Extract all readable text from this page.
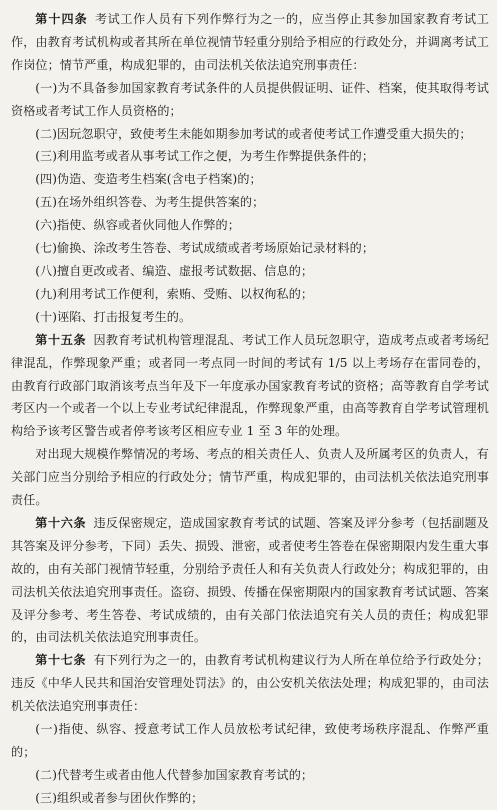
第十四条 考试工作人员有下列作弊行为之一的，应当停止其参加国家教育考试工作，由教育考试机构或者其所在单位视情节轻重分别给予相应的行政处分，并调离考试工作岗位；情节严重，构成犯罪的，由司法机关依法追究刑事责任：

(一)为不具备参加国家教育考试条件的人员提供假证明、证件、档案，使其取得考试资格或者考试工作人员资格的；

(二)因玩忽职守，致使考生未能如期参加考试的或者使考试工作遭受重大损失的；

(三)利用监考或者从事考试工作之便，为考生作弊提供条件的；

(四)伪造、变造考生档案(含电子档案)的；

(五)在场外组织答卷、为考生提供答案的；

(六)指使、纵容或者伙同他人作弊的；

(七)偷换、涂改考生答卷、考试成绩或者考场原始记录材料的；

(八)擅自更改或者、编造、虚报考试数据、信息的；

(九)利用考试工作便利，索贿、受贿、以权徇私的；

(十)诬陷、打击报复考生的。

第十五条 因教育考试机构管理混乱、考试工作人员玩忽职守，造成考点或者考场纪律混乱，作弊现象严重；或者同一考点同一时间的考试有 1/5 以上考场存在雷同卷的，由教育行政部门取消该考点当年及下一年度承办国家教育考试的资格；高等教育自学考试考区内一个或者一个以上专业考试纪律混乱，作弊现象严重，由高等教育自学考试管理机构给予该考区警告或者停考该考区相应专业 1 至 3 年的处理。

对出现大规模作弊情况的考场、考点的相关责任人、负责人及所属考区的负责人，有关部门应当分别给予相应的行政处分；情节严重，构成犯罪的，由司法机关依法追究刑事责任。

第十六条 违反保密规定，造成国家教育考试的试题、答案及评分参考（包括副题及其答案及评分参考，下同）丢失、损毁、泄密，或者使考生答卷在保密期限内发生重大事故的，由有关部门视情节轻重，分别给予责任人和有关负责人行政处分；构成犯罪的，由司法机关依法追究刑事责任。盗窃、损毁、传播在保密期限内的国家教育考试试题、答案及评分参考、考生答卷、考试成绩的，由有关部门依法追究有关人员的责任；构成犯罪的，由司法机关依法追究刑事责任。

第十七条 有下列行为之一的，由教育考试机构建议行为人所在单位给予行政处分；违反《中华人民共和国治安管理处罚法》的，由公安机关依法处理；构成犯罪的，由司法机关依法追究刑事责任：

(一)指使、纵容、授意考试工作人员放松考试纪律，致使考场秩序混乱、作弊严重的；

(二)代替考生或者由他人代替参加国家教育考试的；

(三)组织或者参与团伙作弊的；
